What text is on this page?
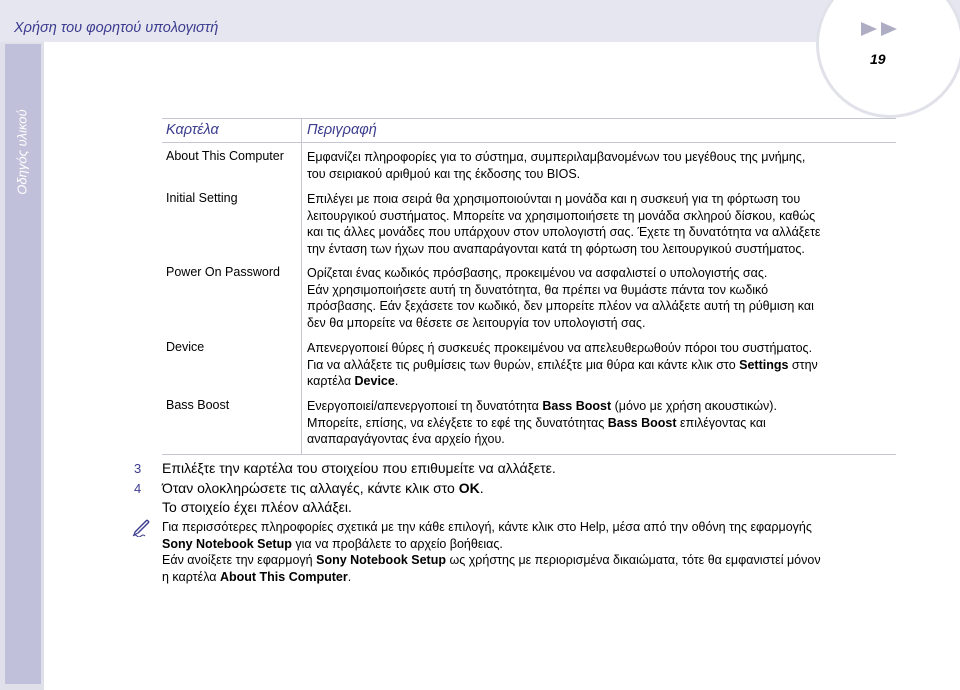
Χρήση του φορητού υπολογιστή
Οδηγός υλικού
19
Καρτέλα	Περιγραφή
About This Computer
Initial Setting
Power On Password
Device
Bass Boost
Εμφανίζει πληροφορίες για το σύστημα, συμπεριλαμβανομένων του μεγέθους της μνήμης,
του σειριακού αριθμού και της έκδοσης του BIOS.
Επιλέγει με ποια σειρά θα χρησιμοποιούνται η μονάδα και η συσκευή για τη φόρτωση του
λειτουργικού συστήματος. Μπορείτε να χρησιμοποιήσετε τη μονάδα σκληρού δίσκου, καθώς
και τις άλλες μονάδες που υπάρχουν στον υπολογιστή σας. Έχετε τη δυνατότητα να αλλάξετε
την ένταση των ήχων που αναπαράγονται κατά τη φόρτωση του λειτουργικού συστήματος.
Ορίζεται ένας κωδικός πρόσβασης, προκειμένου να ασφαλιστεί ο υπολογιστής σας.
Εάν χρησιμοποιήσετε αυτή τη δυνατότητα, θα πρέπει να θυμάστε πάντα τον κωδικό
πρόσβασης. Εάν ξεχάσετε τον κωδικό, δεν μπορείτε πλέον να αλλάξετε αυτή τη ρύθμιση και
δεν θα μπορείτε να θέσετε σε λειτουργία τον υπολογιστή σας.
Απενεργοποιεί θύρες ή συσκευές προκειμένου να απελευθερωθούν πόροι του συστήματος.
Για να αλλάξετε τις ρυθμίσεις των θυρών, επιλέξτε μια θύρα και κάντε κλικ στο Settings στην
καρτέλα Device.
Ενεργοποιεί/απενεργοποιεί τη δυνατότητα Bass Boost (μόνο με χρήση ακουστικών).
Μπορείτε, επίσης, να ελέγξετε το εφέ της δυνατότητας Bass Boost επιλέγοντας και
αναπαραγάγοντας ένα αρχείο ήχου.
3 Επιλέξτε την καρτέλα του στοιχείου που επιθυμείτε να αλλάξετε.
4 Όταν ολοκληρώσετε τις αλλαγές, κάντε κλικ στο OK.
Το στοιχείο έχει πλέον αλλάξει.
Για περισσότερες πληροφορίες σχετικά με την κάθε επιλογή, κάντε κλικ στο Help, μέσα από την οθόνη της εφαρμογής
Sony Notebook Setup για να προβάλετε το αρχείο βοήθειας.
Εάν ανοίξετε την εφαρμογή Sony Notebook Setup ως χρήστης με περιορισμένα δικαιώματα, τότε θα εμφανιστεί μόνον
η καρτέλα About This Computer.
